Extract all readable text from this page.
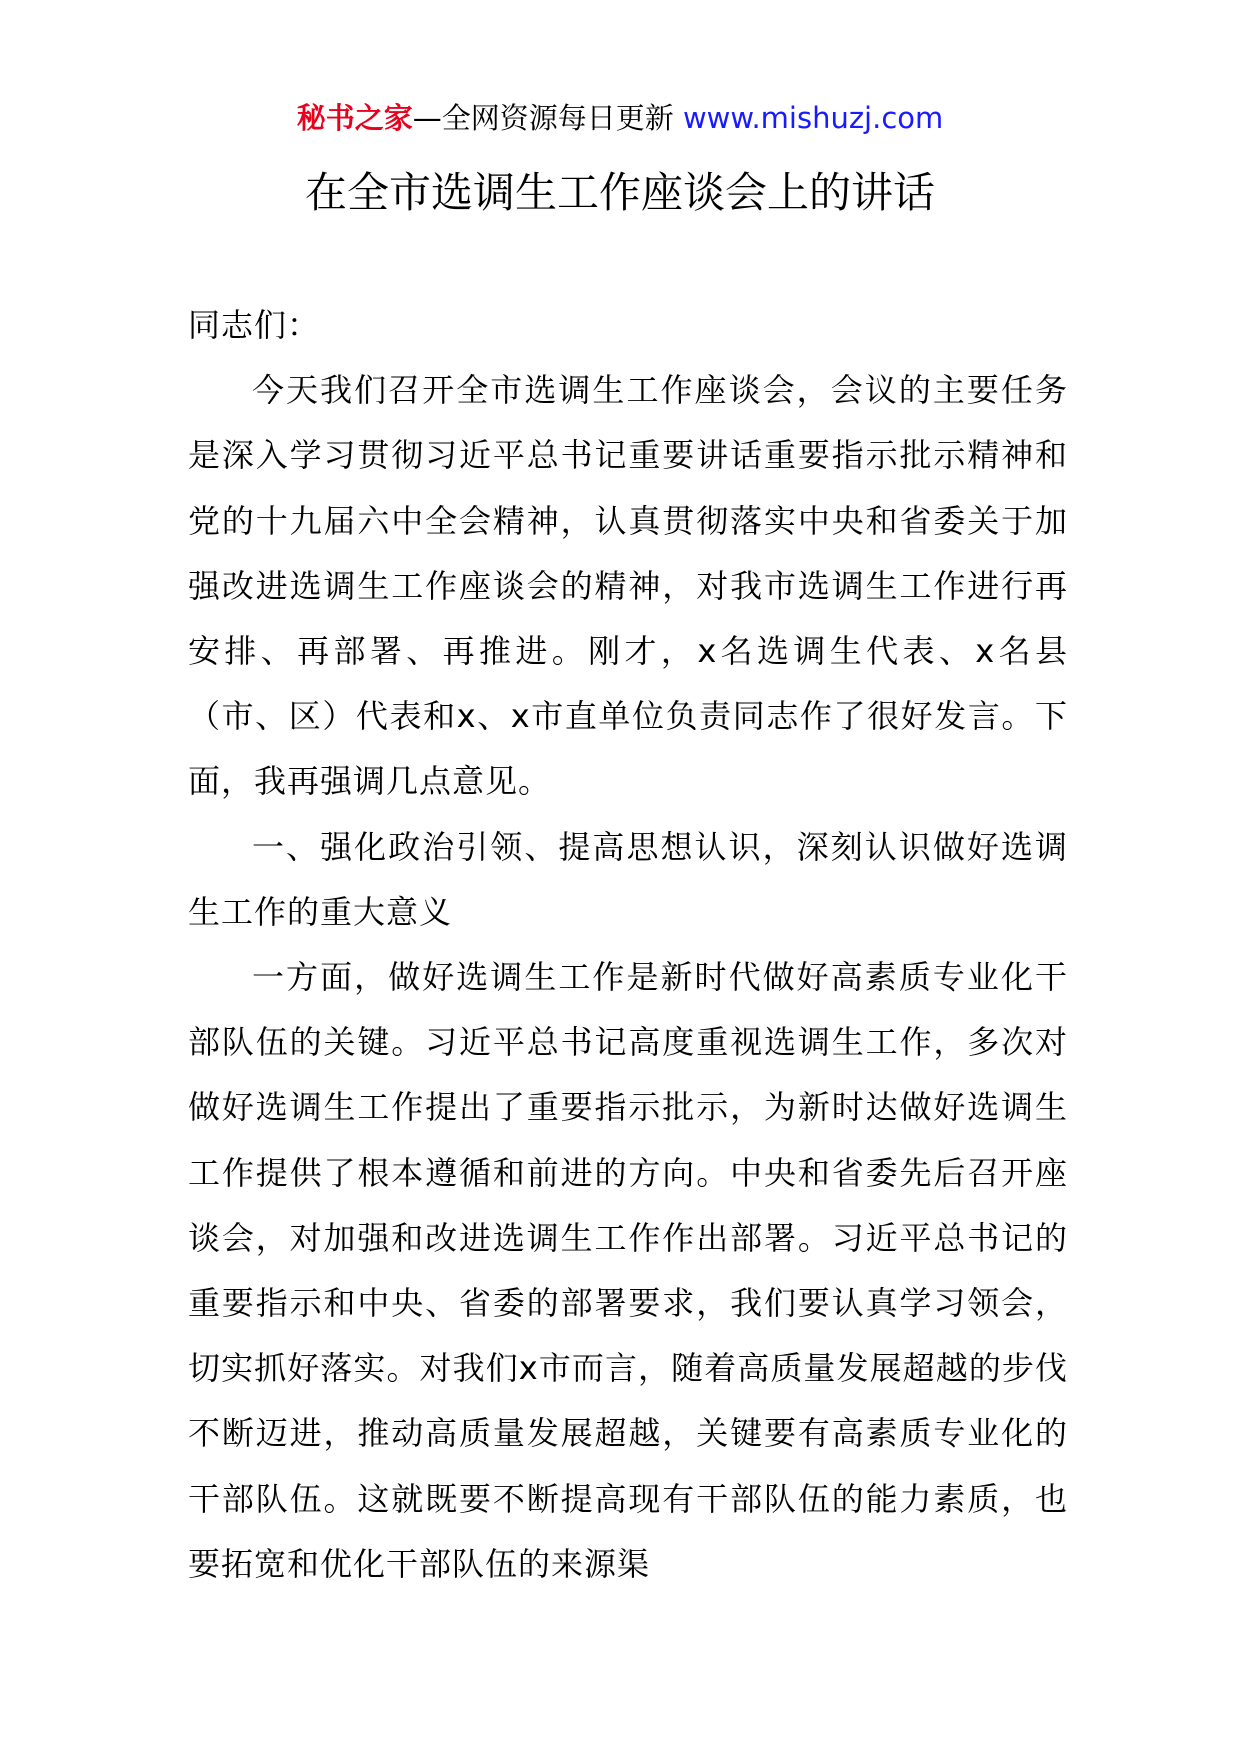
秘书之家—全网资源每日更新 www.mishuzj.com
在全市选调生工作座谈会上的讲话

同志们：

今天我们召开全市选调生工作座谈会，会议的主要任务是深入学习贯彻习近平总书记重要讲话重要指示批示精神和党的十九届六中全会精神，认真贯彻落实中央和省委关于加强改进选调生工作座谈会的精神，对我市选调生工作进行再安排、再部署、再推进。刚才，x名选调生代表、x名县（市、区）代表和x、x市直单位负责同志作了很好发言。下面，我再强调几点意见。

一、强化政治引领、提高思想认识，深刻认识做好选调生工作的重大意义

一方面，做好选调生工作是新时代做好高素质专业化干部队伍的关键。习近平总书记高度重视选调生工作，多次对做好选调生工作提出了重要指示批示，为新时达做好选调生工作提供了根本遵循和前进的方向。中央和省委先后召开座谈会，对加强和改进选调生工作作出部署。习近平总书记的重要指示和中央、省委的部署要求，我们要认真学习领会，切实抓好落实。对我们x市而言，随着高质量发展超越的步伐不断迈进，推动高质量发展超越，关键要有高素质专业化的干部队伍。这就既要不断提高现有干部队伍的能力素质，也要拓宽和优化干部队伍的来源渠
